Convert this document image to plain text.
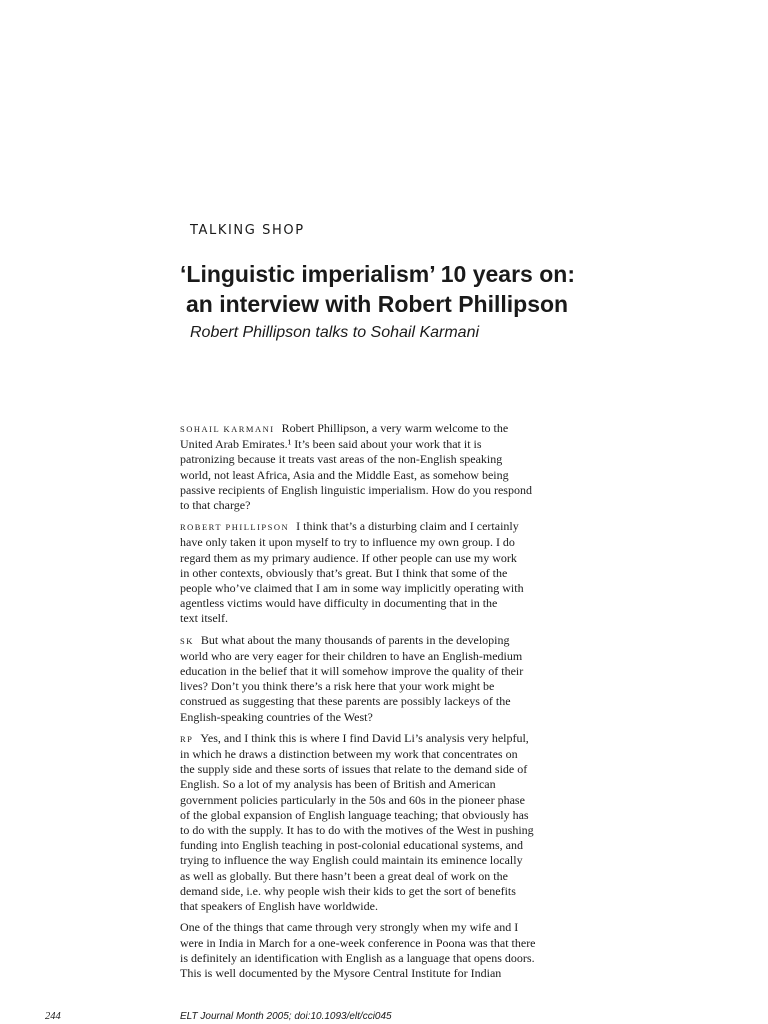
TALKING SHOP
‘Linguistic imperialism’ 10 years on:
an interview with Robert Phillipson
Robert Phillipson talks to Sohail Karmani
SOHAIL KARMANI Robert Phillipson, a very warm welcome to the
United Arab Emirates.¹ It’s been said about your work that it is
patronizing because it treats vast areas of the non-English speaking
world, not least Africa, Asia and the Middle East, as somehow being
passive recipients of English linguistic imperialism. How do you respond
to that charge?
ROBERT PHILLIPSON I think that’s a disturbing claim and I certainly
have only taken it upon myself to try to influence my own group. I do
regard them as my primary audience. If other people can use my work
in other contexts, obviously that’s great. But I think that some of the
people who’ve claimed that I am in some way implicitly operating with
agentless victims would have difficulty in documenting that in the
text itself.
SK But what about the many thousands of parents in the developing
world who are very eager for their children to have an English-medium
education in the belief that it will somehow improve the quality of their
lives? Don’t you think there’s a risk here that your work might be
construed as suggesting that these parents are possibly lackeys of the
English-speaking countries of the West?
RP Yes, and I think this is where I find David Li’s analysis very helpful,
in which he draws a distinction between my work that concentrates on
the supply side and these sorts of issues that relate to the demand side of
English. So a lot of my analysis has been of British and American
government policies particularly in the 50s and 60s in the pioneer phase
of the global expansion of English language teaching; that obviously has
to do with the supply. It has to do with the motives of the West in pushing
funding into English teaching in post-colonial educational systems, and
trying to influence the way English could maintain its eminence locally
as well as globally. But there hasn’t been a great deal of work on the
demand side, i.e. why people wish their kids to get the sort of benefits
that speakers of English have worldwide.
One of the things that came through very strongly when my wife and I
were in India in March for a one-week conference in Poona was that there
is definitely an identification with English as a language that opens doors.
This is well documented by the Mysore Central Institute for Indian
244	ELT Journal Month 2005; doi:10.1093/elt/cci045
